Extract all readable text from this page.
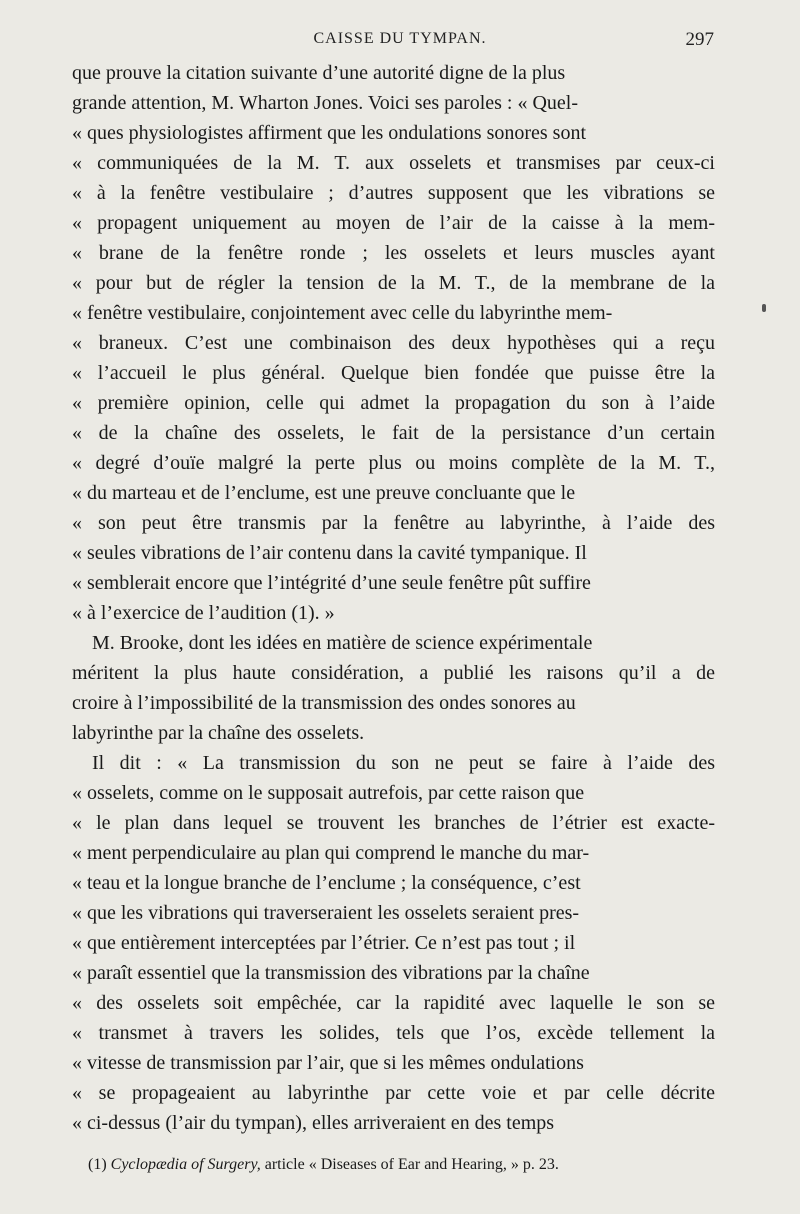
CAISSE DU TYMPAN.	297
que prouve la citation suivante d’une autorité digne de la plus
grande attention, M. Wharton Jones. Voici ses paroles : « Quel-
« ques physiologistes affirment que les ondulations sonores sont
« communiquées de la M. T. aux osselets et transmises par ceux-ci
« à la fenêtre vestibulaire ; d’autres supposent que les vibrations se
« propagent uniquement au moyen de l’air de la caisse à la mem-
« brane de la fenêtre ronde ; les osselets et leurs muscles ayant
« pour but de régler la tension de la M. T., de la membrane de la
« fenêtre vestibulaire, conjointement avec celle du labyrinthe mem-
« braneux. C’est une combinaison des deux hypothèses qui a reçu
« l’accueil le plus général. Quelque bien fondée que puisse être la
« première opinion, celle qui admet la propagation du son à l’aide
« de la chaîne des osselets, le fait de la persistance d’un certain
« degré d’ouïe malgré la perte plus ou moins complète de la M. T.,
« du marteau et de l’enclume, est une preuve concluante que le
« son peut être transmis par la fenêtre au labyrinthe, à l’aide des
« seules vibrations de l’air contenu dans la cavité tympanique. Il
« semblerait encore que l’intégrité d’une seule fenêtre pût suffire
« à l’exercice de l’audition (1). »
M. Brooke, dont les idées en matière de science expérimentale
méritent la plus haute considération, a publié les raisons qu’il a de
croire à l’impossibilité de la transmission des ondes sonores au
labyrinthe par la chaîne des osselets.
Il dit : « La transmission du son ne peut se faire à l’aide des
« osselets, comme on le supposait autrefois, par cette raison que
« le plan dans lequel se trouvent les branches de l’étrier est exacte-
« ment perpendiculaire au plan qui comprend le manche du mar-
« teau et la longue branche de l’enclume ; la conséquence, c’est
« que les vibrations qui traverseraient les osselets seraient pres-
« que entièrement interceptées par l’étrier. Ce n’est pas tout ; il
« paraît essentiel que la transmission des vibrations par la chaîne
« des osselets soit empêchée, car la rapidité avec laquelle le son se
« transmet à travers les solides, tels que l’os, excède tellement la
« vitesse de transmission par l’air, que si les mêmes ondulations
« se propageaient au labyrinthe par cette voie et par celle décrite
« ci-dessus (l’air du tympan), elles arriveraient en des temps
(1) Cyclopædia of Surgery, article « Diseases of Ear and Hearing, » p. 23.
